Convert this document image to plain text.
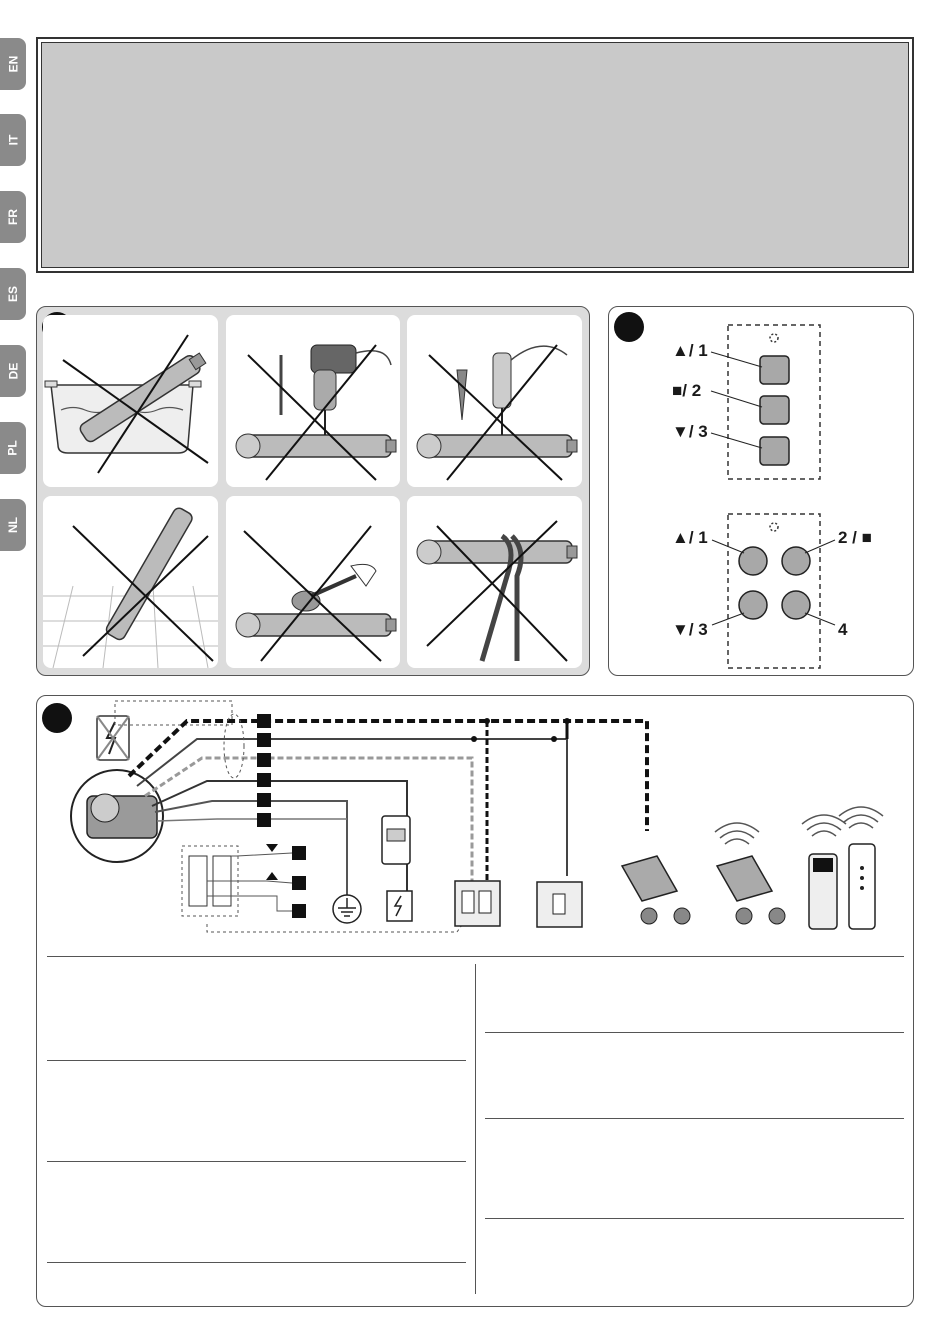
EN
IT
FR
ES
DE
PL
NL
▲/ 1
■/ 2
▼/ 3
▲/ 1	2 / ■
▼/ 3	4
